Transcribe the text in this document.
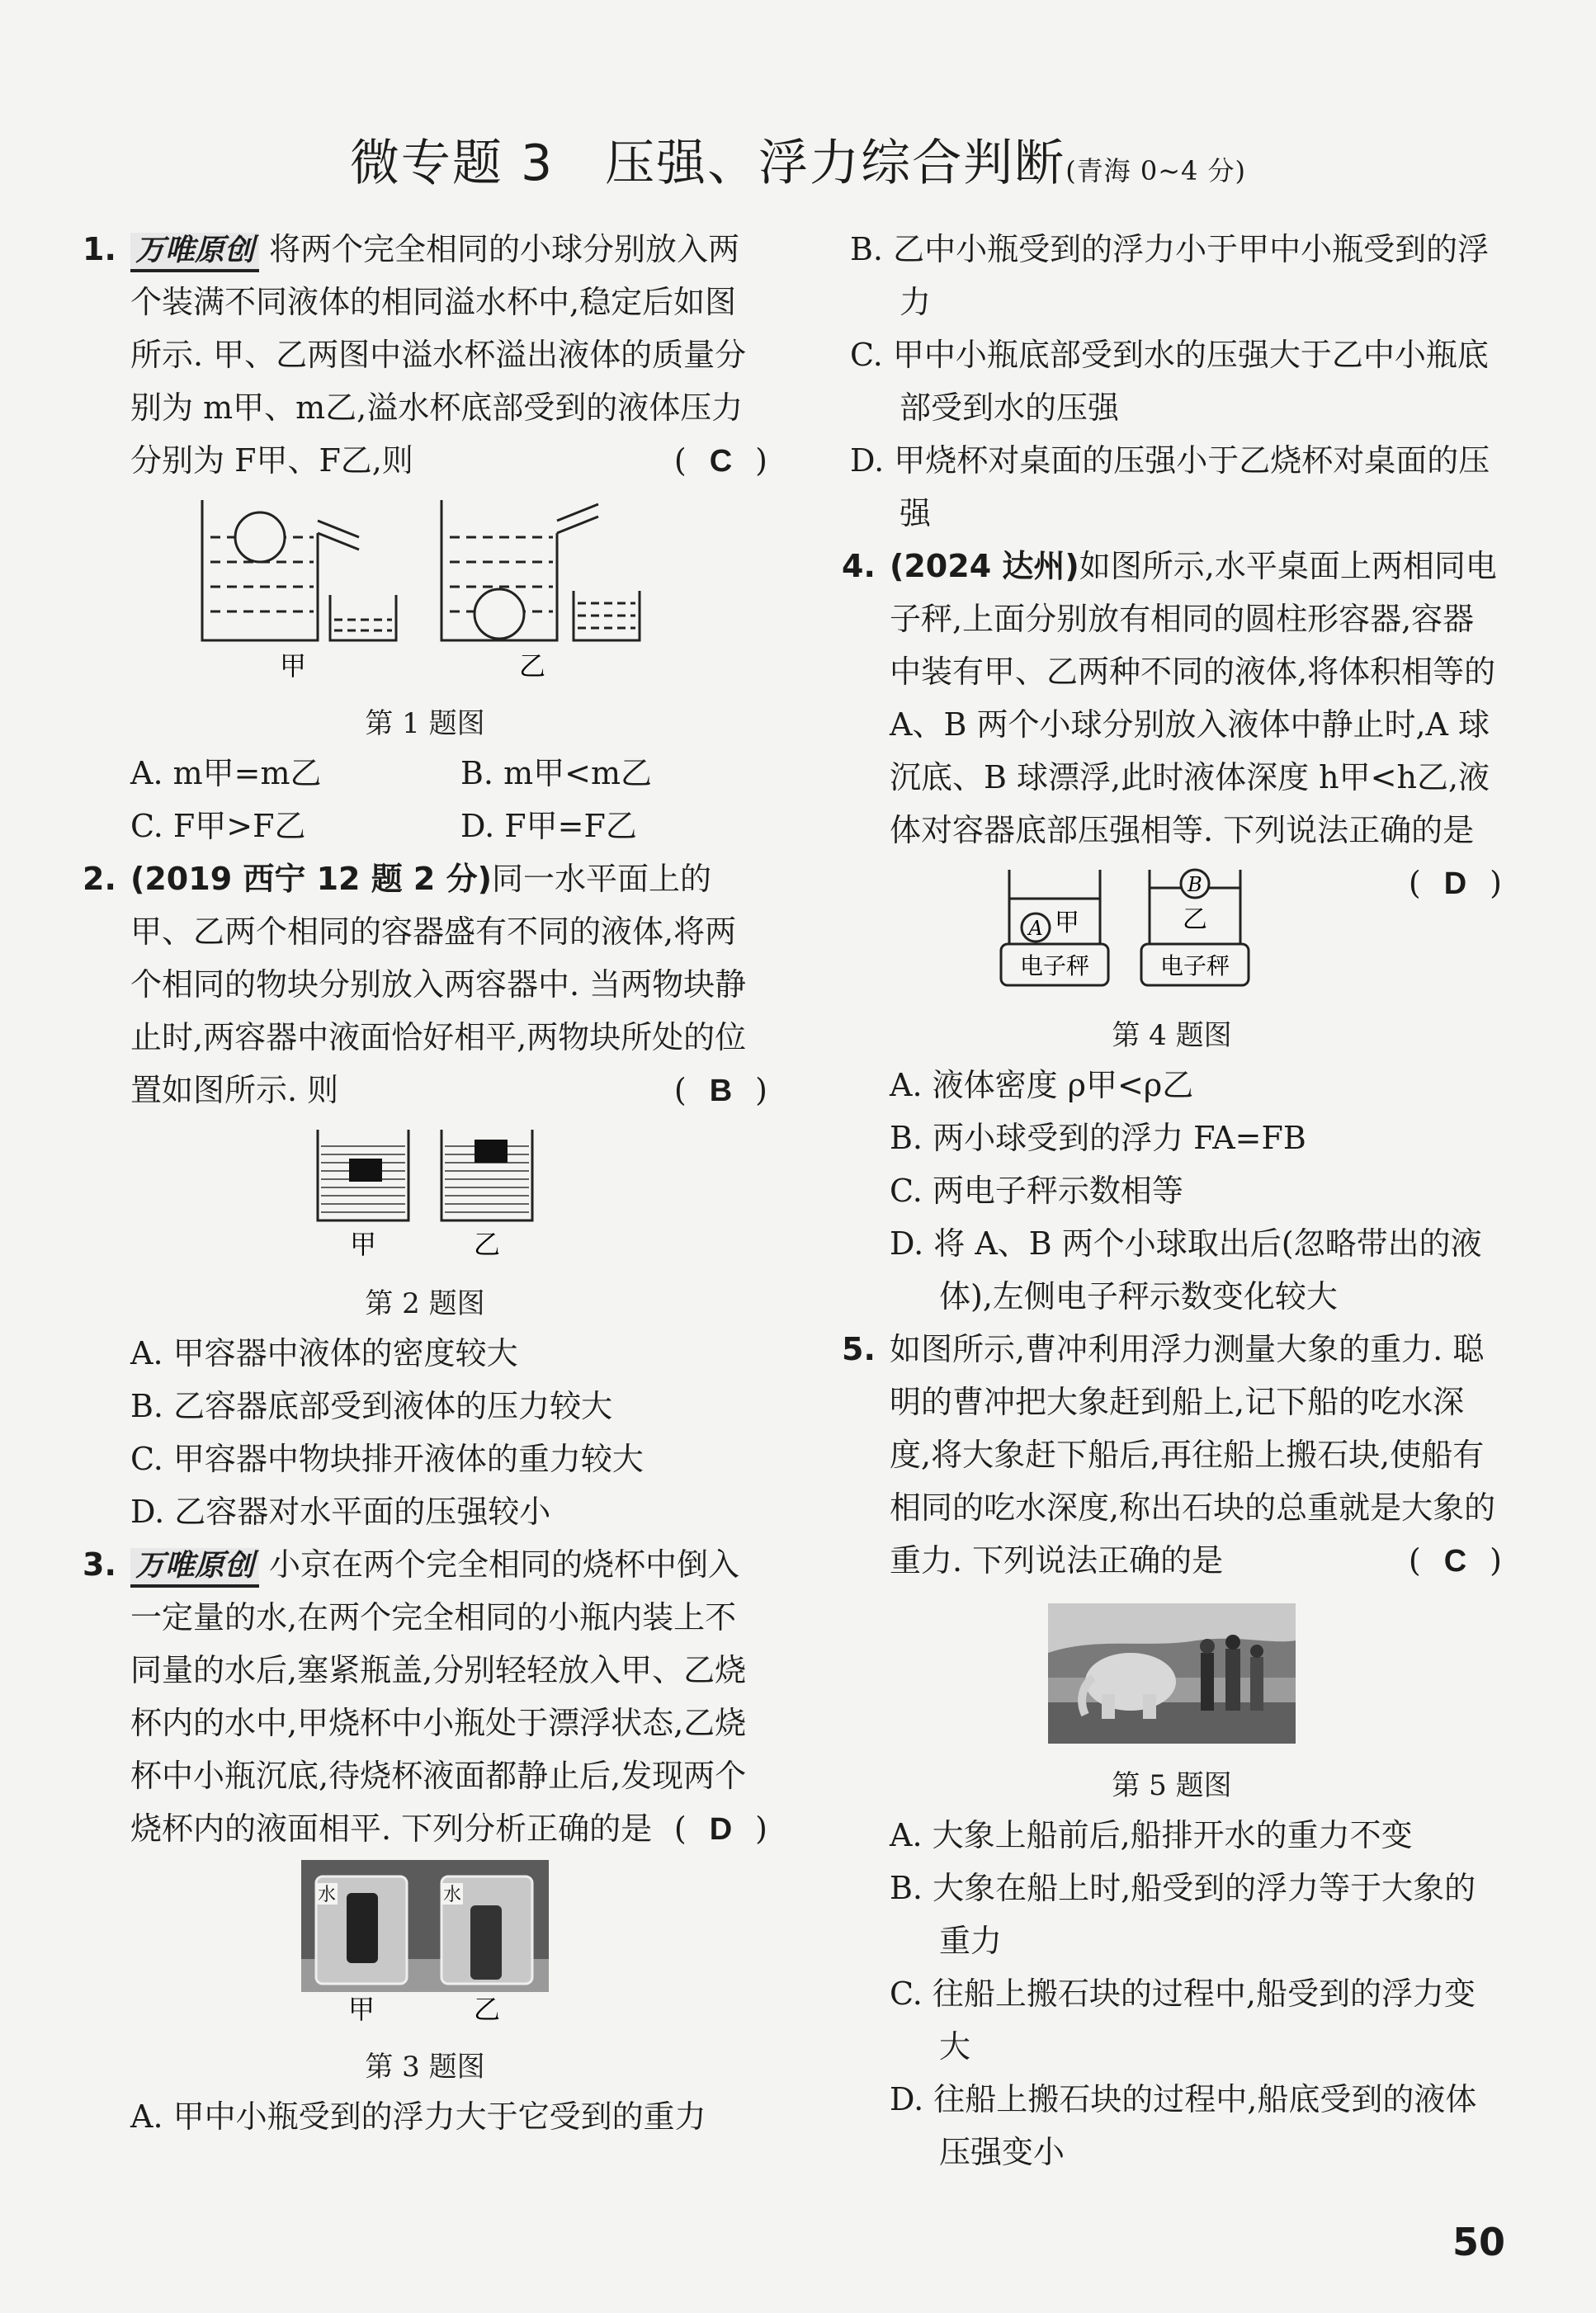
微专题 3　压强、浮力综合判断(青海 0~4 分)
1. 万唯原创 将两个完全相同的小球分别放入两个装满不同液体的相同溢水杯中,稳定后如图所示. 甲、乙两图中溢水杯溢出液体的质量分别为 m甲、m乙,溢水杯底部受到的液体压力分别为 F甲、F乙,则	( C )
甲	乙
第 1 题图
A. m甲=m乙	B. m甲<m乙
C. F甲>F乙	D. F甲=F乙
2. (2019 西宁 12 题 2 分)同一水平面上的甲、乙两个相同的容器盛有不同的液体,将两个相同的物块分别放入两容器中. 当两物块静止时,两容器中液面恰好相平,两物块所处的位置如图所示. 则	( B )
甲	乙
第 2 题图
A. 甲容器中液体的密度较大
B. 乙容器底部受到液体的压力较大
C. 甲容器中物块排开液体的重力较大
D. 乙容器对水平面的压强较小
3. 万唯原创 小京在两个完全相同的烧杯中倒入一定量的水,在两个完全相同的小瓶内装上不同量的水后,塞紧瓶盖,分别轻轻放入甲、乙烧杯内的水中,甲烧杯中小瓶处于漂浮状态,乙烧杯中小瓶沉底,待烧杯液面都静止后,发现两个烧杯内的液面相平. 下列分析正确的是 ( D )
水	水
甲	乙
第 3 题图
A. 甲中小瓶受到的浮力大于它受到的重力
B. 乙中小瓶受到的浮力小于甲中小瓶受到的浮力
C. 甲中小瓶底部受到水的压强大于乙中小瓶底部受到水的压强
D. 甲烧杯对桌面的压强小于乙烧杯对桌面的压强
4. (2024 达州)如图所示,水平桌面上两相同电子秤,上面分别放有相同的圆柱形容器,容器中装有甲、乙两种不同的液体,将体积相等的 A、B 两个小球分别放入液体中静止时,A 球沉底、B 球漂浮,此时液体深度 h甲<h乙,液体对容器底部压强相等. 下列说法正确的是
( D )
A
B
甲	乙
电子秤	电子秤
第 4 题图
A. 液体密度 ρ甲<ρ乙
B. 两小球受到的浮力 FA=FB
C. 两电子秤示数相等
D. 将 A、B 两个小球取出后(忽略带出的液体),左侧电子秤示数变化较大
5. 如图所示,曹冲利用浮力测量大象的重力. 聪明的曹冲把大象赶到船上,记下船的吃水深度,将大象赶下船后,再往船上搬石块,使船有相同的吃水深度,称出石块的总重就是大象的重力. 下列说法正确的是	( C )
第 5 题图
A. 大象上船前后,船排开水的重力不变
B. 大象在船上时,船受到的浮力等于大象的重力
C. 往船上搬石块的过程中,船受到的浮力变大
D. 往船上搬石块的过程中,船底受到的液体压强变小
50
